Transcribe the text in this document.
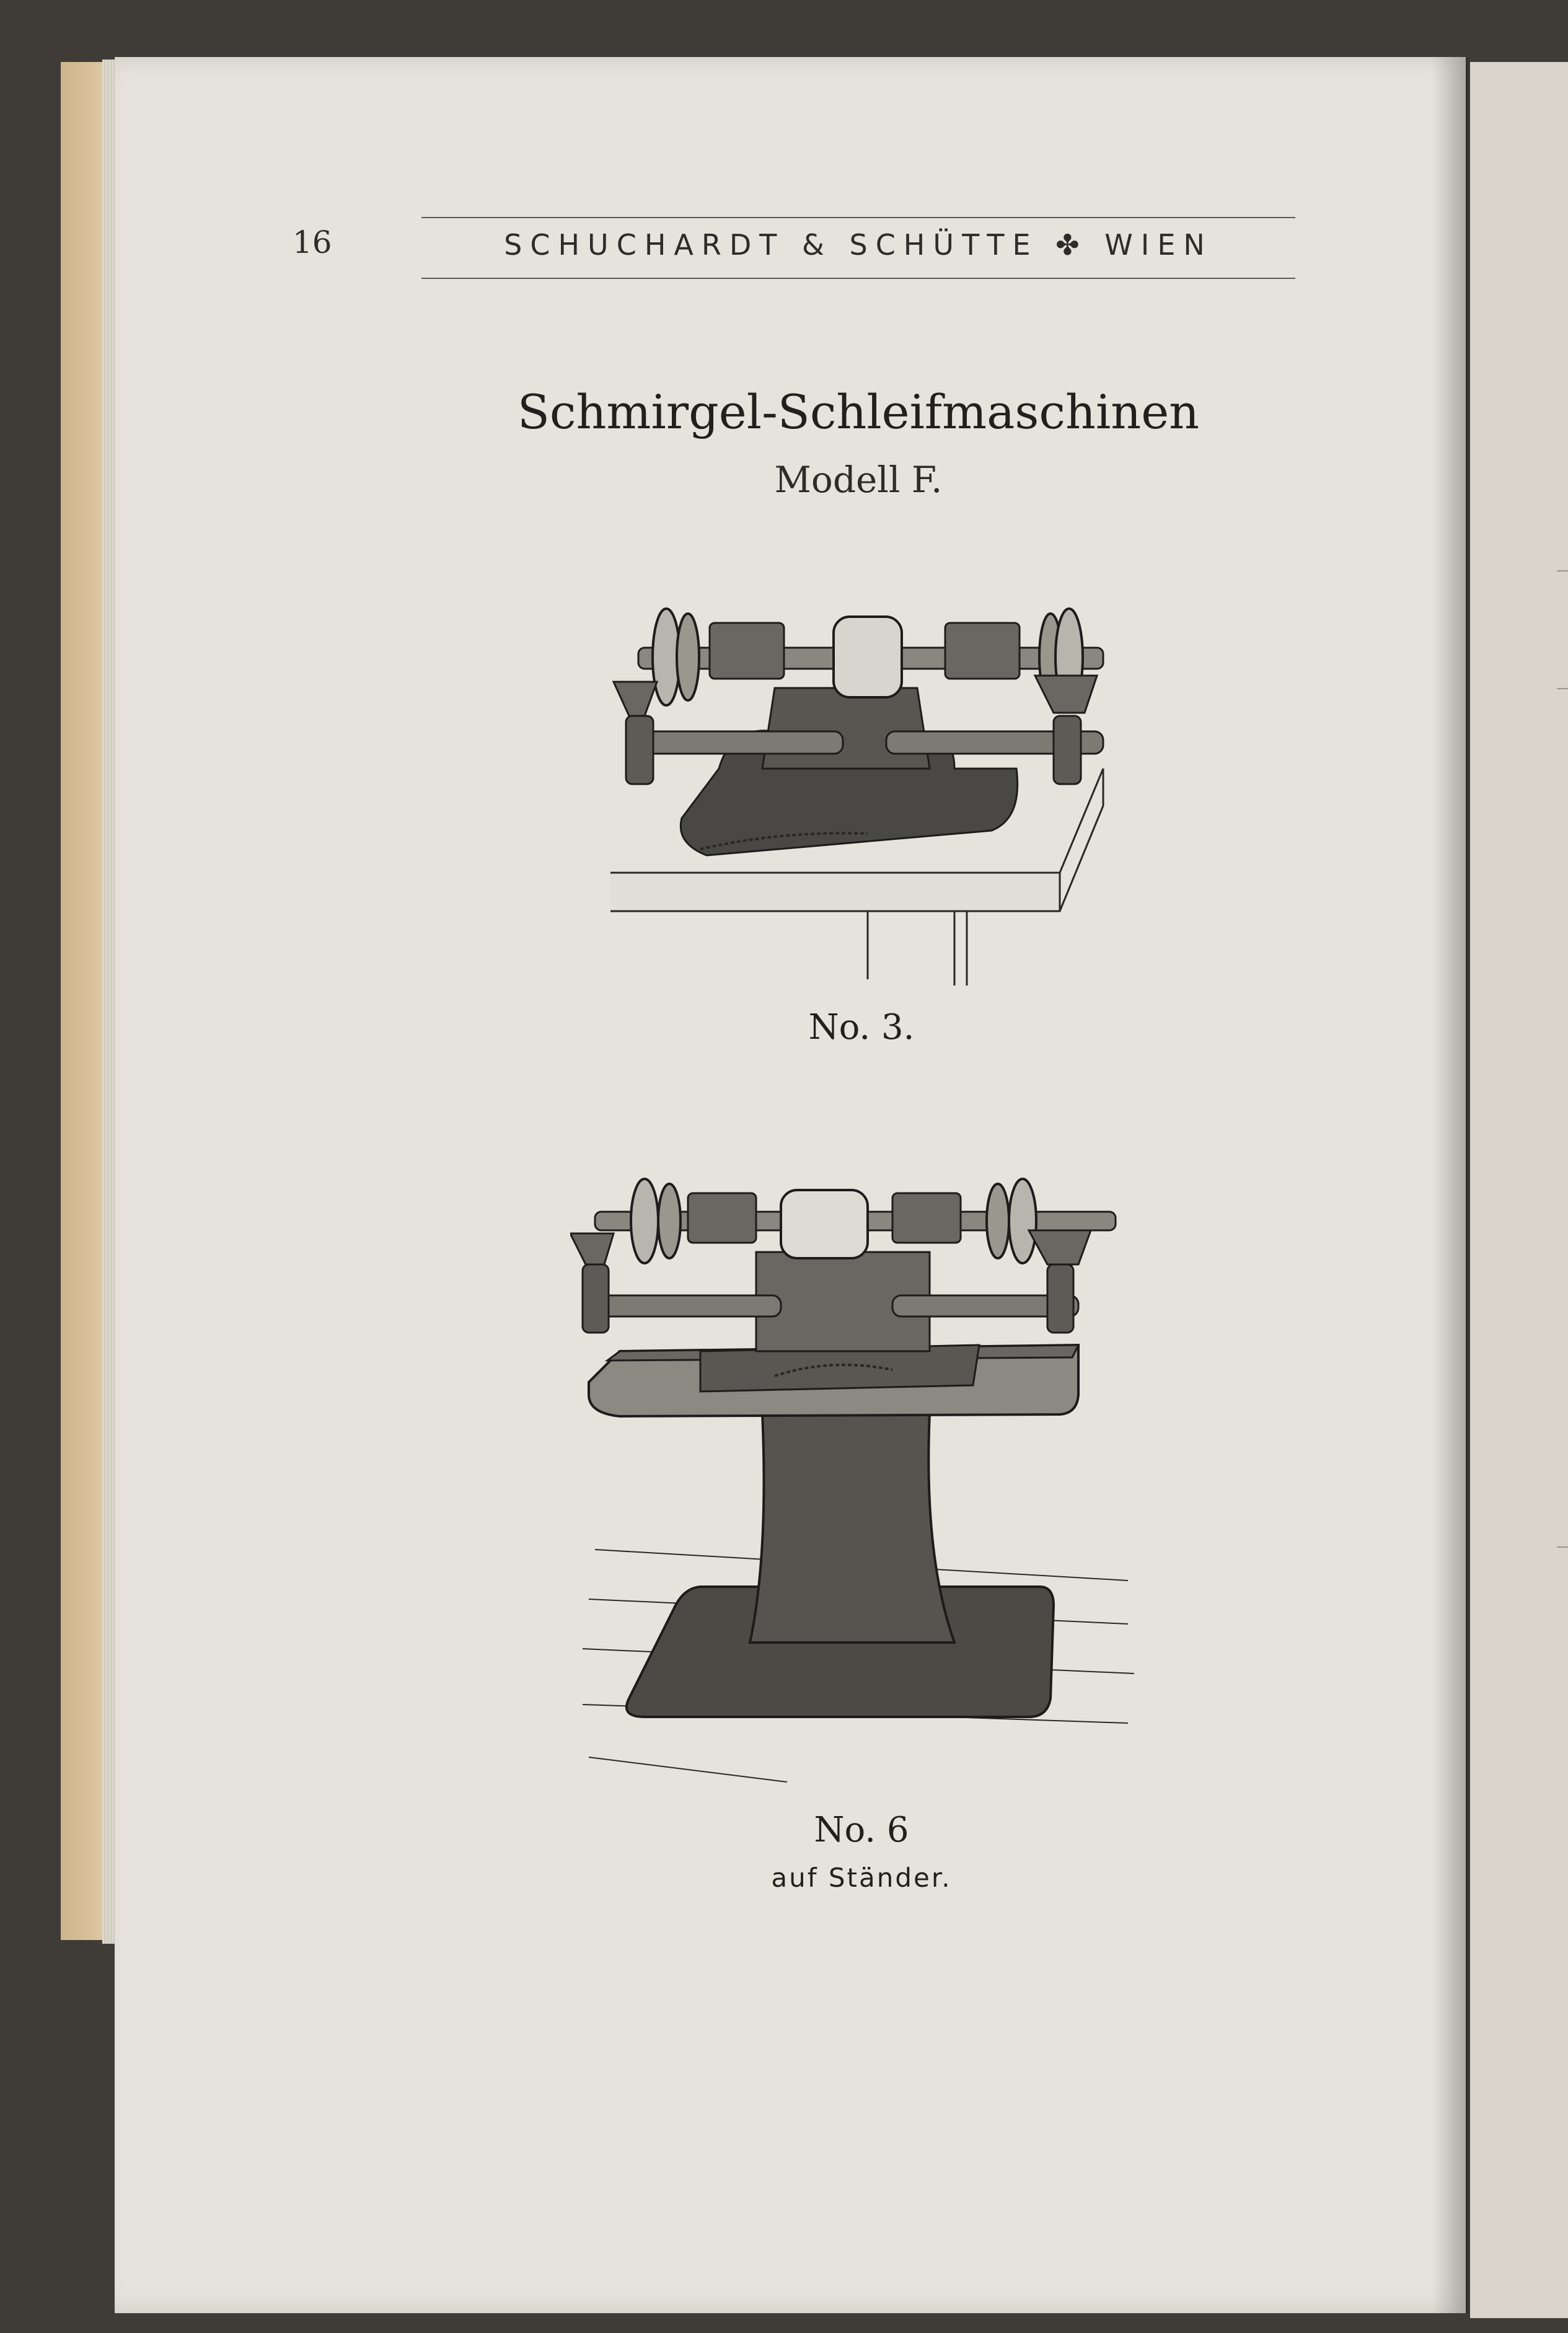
16	SCHUCHARDT & SCHÜTTE ✤ WIEN
Schmirgel-Schleifmaschinen
Modell F.
No. 3.
No. 6
auf Ständer.
